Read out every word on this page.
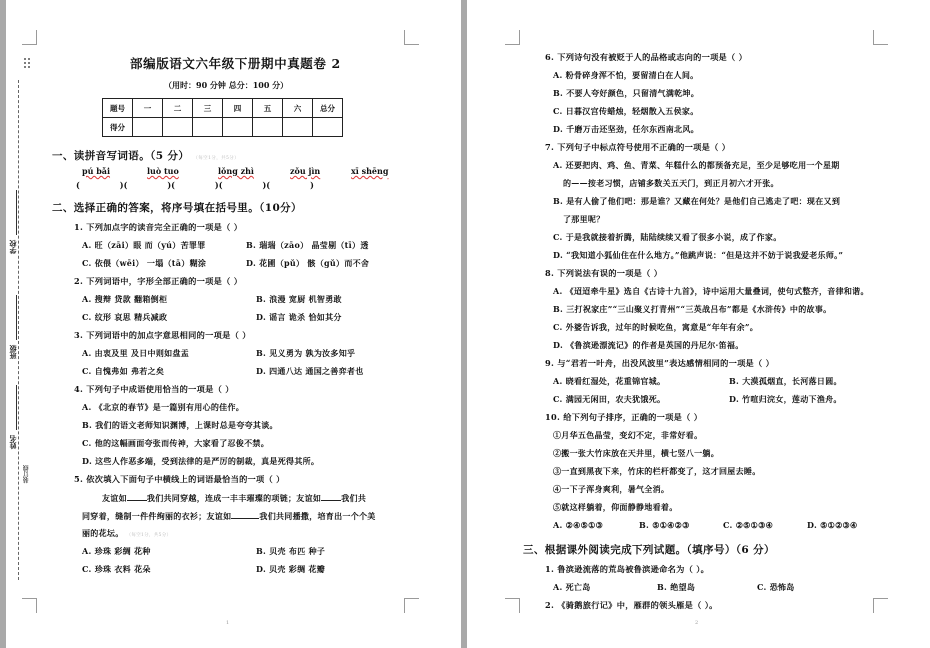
学校
班级
姓名
装订线
部编版语文六年级下册期中真题卷 2
（用时：90 分钟 总分：100 分）
题号	一	二	三	四	五	六	总分
得分							
一、读拼音写词语。（5 分） （每空1分，共5分）
pú bǎi	luò tuo	lǒng zhì	zǒu jìn	xī shēng
(　　　　　)(　　　　　)(　　　　　)(　　　　　)(　　　　　)
二、选择正确的答案，将序号填在括号里。（10分）
1. 下列加点字的读音完全正确的一项是（ ）
A. 旺（zāi）眼 而（yú）苦罪罪	B. 瑞瑞（zāo） 晶莹剔（tī）透
C. 依偎（wēi） 一塌（tā）糊涂	D. 花圃（pǔ） 骸（gǔ）而不舍
2. 下列词语中，字形全部正确的一项是（ ）
A. 搜辩 贷款 翻箱倒柜	B. 浪漫 宽厨 机智勇敢
C. 纹形 哀思 精兵减政	D. 谣言 诡杀 恰如其分
3. 下列词语中的加点字意思相同的一项是（ ）
A. 由衷及里 及日中则如盘盂	B. 见义勇为 孰为汝多知乎
C. 自愧弗如 弗若之矣	D. 四通八达 通国之善弈者也
4. 下列句子中成语使用恰当的一项是（ ）
A. 《北京的春节》是一篇别有用心的佳作。
B. 我们的语文老师知识渊博，上课时总是夸夸其谈。
C. 他的这幅画面夸张而传神，大家看了忍俊不禁。
D. 这些人作恶多端，受到法律的是严厉的制裁，真是死得其所。
5. 依次填入下面句子中横线上的词语最恰当的一项（ ）
友谊如	我们共同穿越，连成一丰丰璀璨的项链；友谊如	我们共
同穿着，缝制一件件绚丽的衣衫；友谊如	我们共同播撒，培育出一个个美
丽的花坛。 （每空1分，共5分）
A. 珍珠 彩绸 花种	B. 贝壳 布匹 种子
C. 珍珠 衣料 花朵	D. 贝壳 彩绸 花瓣
1
6. 下列诗句没有被贬于人的品格或志向的一项是（ ）
A. 粉骨碎身浑不怕，要留清白在人间。
B. 不要人夸好颜色，只留清气满乾坤。
C. 日暮汉宫传蜡烛，轻烟散入五侯家。
D. 千磨万击还坚劲，任尔东西南北风。
7. 下列句子中标点符号使用不正确的一项是（ ）
A. 还要把肉、鸡、鱼、青菜、年糕什么的都预备充足，至少足够吃用一个星期
的——按老习惯，店铺多数关五天门，到正月初六才开张。
B. 是有人偷了他们吧：那是谁？又藏在何处？是他们自己逃走了吧：现在又到
了那里呢？
C. 于是我就接着折腾，陆陆续续又看了很多小说，成了作家。
D. “我知道小狐仙住在什么地方。”他跳声说：“但是这并不妨于说我爱老乐师。”
8. 下列说法有误的一项是（ ）
A. 《迢迢牵牛星》选自《古诗十九首》，诗中运用大量叠词，使句式整齐，音律和谐。
B. 三打祝家庄”“三山聚义打青州”“三英战吕布”都是《水浒传》中的故事。
C. 外婆告诉我，过年的时候吃鱼，寓意是“年年有余”。
D. 《鲁滨逊漂流记》的作者是英国的丹尼尔·笛福。
9. 与“君若一叶舟，出没风波里”表达感情相同的一项是（ ）
A. 晓看红湿处，花重锦官城。	B. 大漠孤烟直，长河落日圆。
C. 满园无闲田，农夫犹饿死。	D. 竹喧归浣女，莲动下渔舟。
10. 给下列句子排序，正确的一项是（ ）
①月华五色晶莹，变幻不定，非常好看。
②搬一张大竹床放在天井里，横七竖八一躺。
③一直到黑夜下来，竹床的栏杆都变了，这才回屋去睡。
④一下子浑身爽利，暑气全消。
⑤就这样躺着，仰面静静地看着。
A. ②④⑤①③	B. ⑤①④②③	C. ②⑤①③④	D. ⑤①②③④
三、根据课外阅读完成下列试题。（填序号）（6 分）
1. 鲁滨逊流落的荒岛被鲁滨逊命名为（ ）。
A. 死亡岛	B. 绝望岛	C. 恐怖岛
2. 《骑鹅旅行记》中，雁群的领头雁是（ ）。
2
